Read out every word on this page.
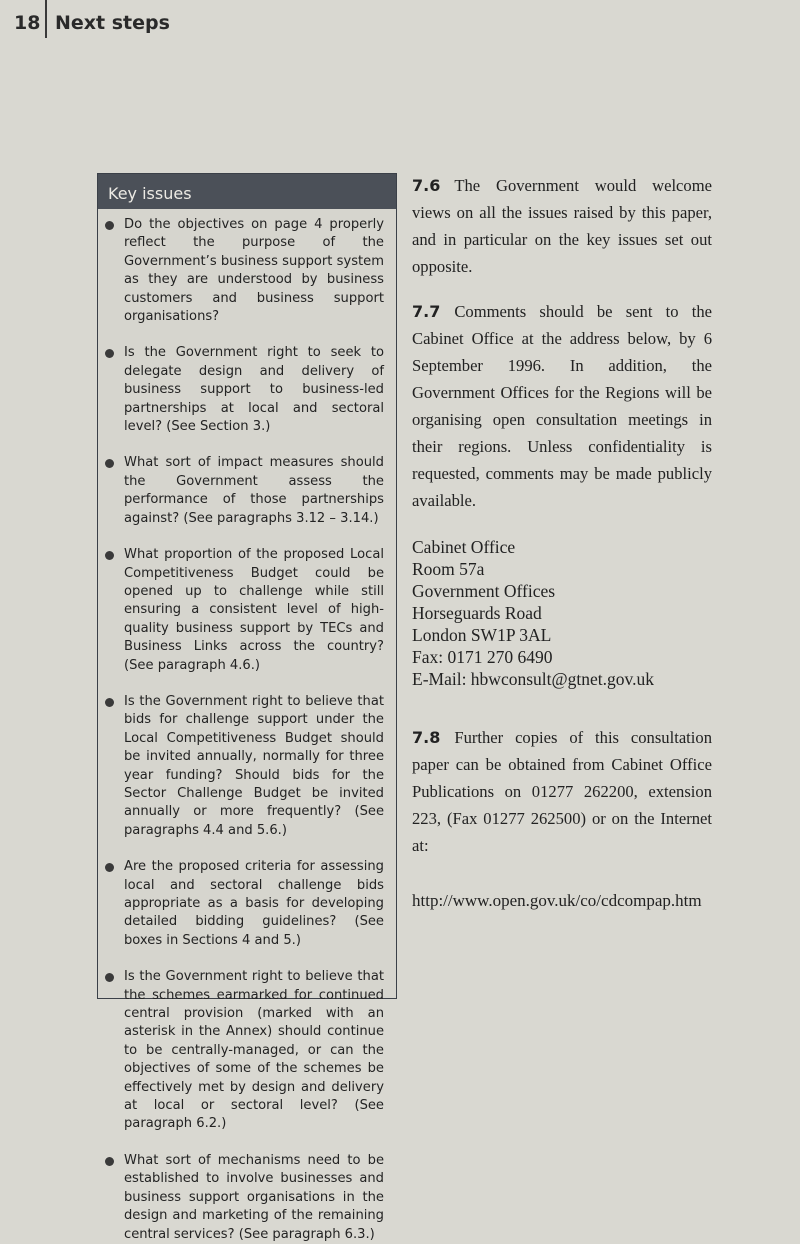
18 Next steps
Key issues
Do the objectives on page 4 properly reflect the purpose of the Government’s business support system as they are understood by business customers and business support organisations?
Is the Government right to seek to delegate design and delivery of business support to business-led partnerships at local and sectoral level? (See Section 3.)
What sort of impact measures should the Government assess the performance of those partnerships against? (See paragraphs 3.12 – 3.14.)
What proportion of the proposed Local Competitiveness Budget could be opened up to challenge while still ensuring a consistent level of high-quality business support by TECs and Business Links across the country? (See paragraph 4.6.)
Is the Government right to believe that bids for challenge support under the Local Competitiveness Budget should be invited annually, normally for three year funding? Should bids for the Sector Challenge Budget be invited annually or more frequently? (See paragraphs 4.4 and 5.6.)
Are the proposed criteria for assessing local and sectoral challenge bids appropriate as a basis for developing detailed bidding guidelines? (See boxes in Sections 4 and 5.)
Is the Government right to believe that the schemes earmarked for continued central provision (marked with an asterisk in the Annex) should continue to be centrally-managed, or can the objectives of some of the schemes be effectively met by design and delivery at local or sectoral level? (See paragraph 6.2.)
What sort of mechanisms need to be established to involve businesses and business support organisations in the design and marketing of the remaining central services? (See paragraph 6.3.)

7.6 The Government would welcome views on all the issues raised by this paper, and in particular on the key issues set out opposite.

7.7 Comments should be sent to the Cabinet Office at the address below, by 6 September 1996. In addition, the Government Offices for the Regions will be organising open consultation meetings in their regions. Unless confidentiality is requested, comments may be made publicly available.

Cabinet Office
Room 57a
Government Offices
Horseguards Road
London SW1P 3AL
Fax: 0171 270 6490
E-Mail: hbwconsult@gtnet.gov.uk

7.8 Further copies of this consultation paper can be obtained from Cabinet Office Publications on 01277 262200, extension 223, (Fax 01277 262500) or on the Internet at:

http://www.open.gov.uk/co/cdcompap.htm
